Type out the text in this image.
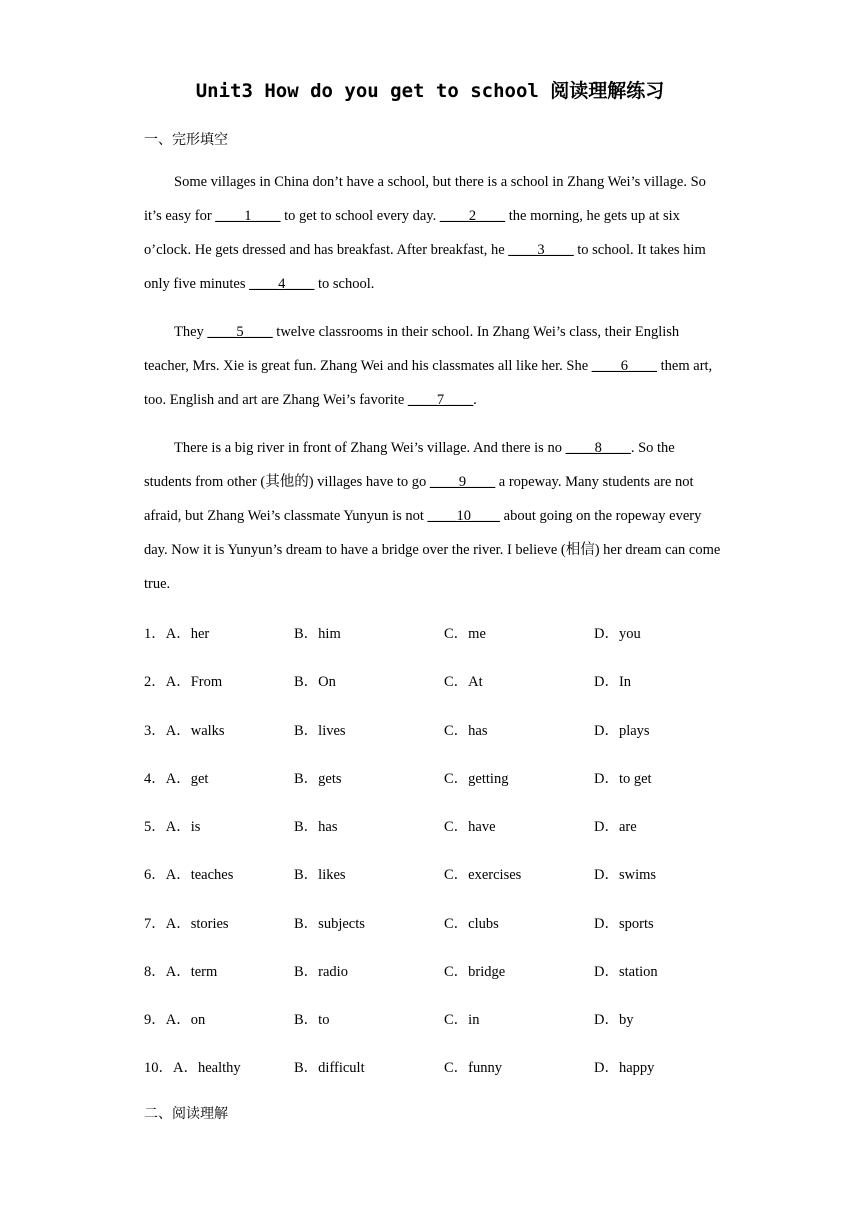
Unit3 How do you get to school 阅读理解练习
一、完形填空
Some villages in China don’t have a school, but there is a school in Zhang Wei’s village. So it’s easy for ____1____ to get to school every day. ____2____ the morning, he gets up at six o’clock. He gets dressed and has breakfast. After breakfast, he ____3____ to school. It takes him only five minutes ____4____ to school.
They ____5____ twelve classrooms in their school. In Zhang Wei’s class, their English teacher, Mrs. Xie is great fun. Zhang Wei and his classmates all like her. She ____6____ them art, too. English and art are Zhang Wei’s favorite ____7____.
There is a big river in front of Zhang Wei’s village. And there is no ____8____. So the students from other (其他的) villages have to go ____9____ a ropeway. Many students are not afraid, but Zhang Wei’s classmate Yunyun is not ____10____ about going on the ropeway every day. Now it is Yunyun’s dream to have a bridge over the river. I believe (相信) her dream can come true.
1．A．her	B．him	C．me	D．you
2．A．From	B．On	C．At	D．In
3．A．walks	B．lives	C．has	D．plays
4．A．get	B．gets	C．getting	D．to get
5．A．is	B．has	C．have	D．are
6．A．teaches	B．likes	C．exercises	D．swims
7．A．stories	B．subjects	C．clubs	D．sports
8．A．term	B．radio	C．bridge	D．station
9．A．on	B．to	C．in	D．by
10．A．healthy	B．difficult	C．funny	D．happy
二、阅读理解
